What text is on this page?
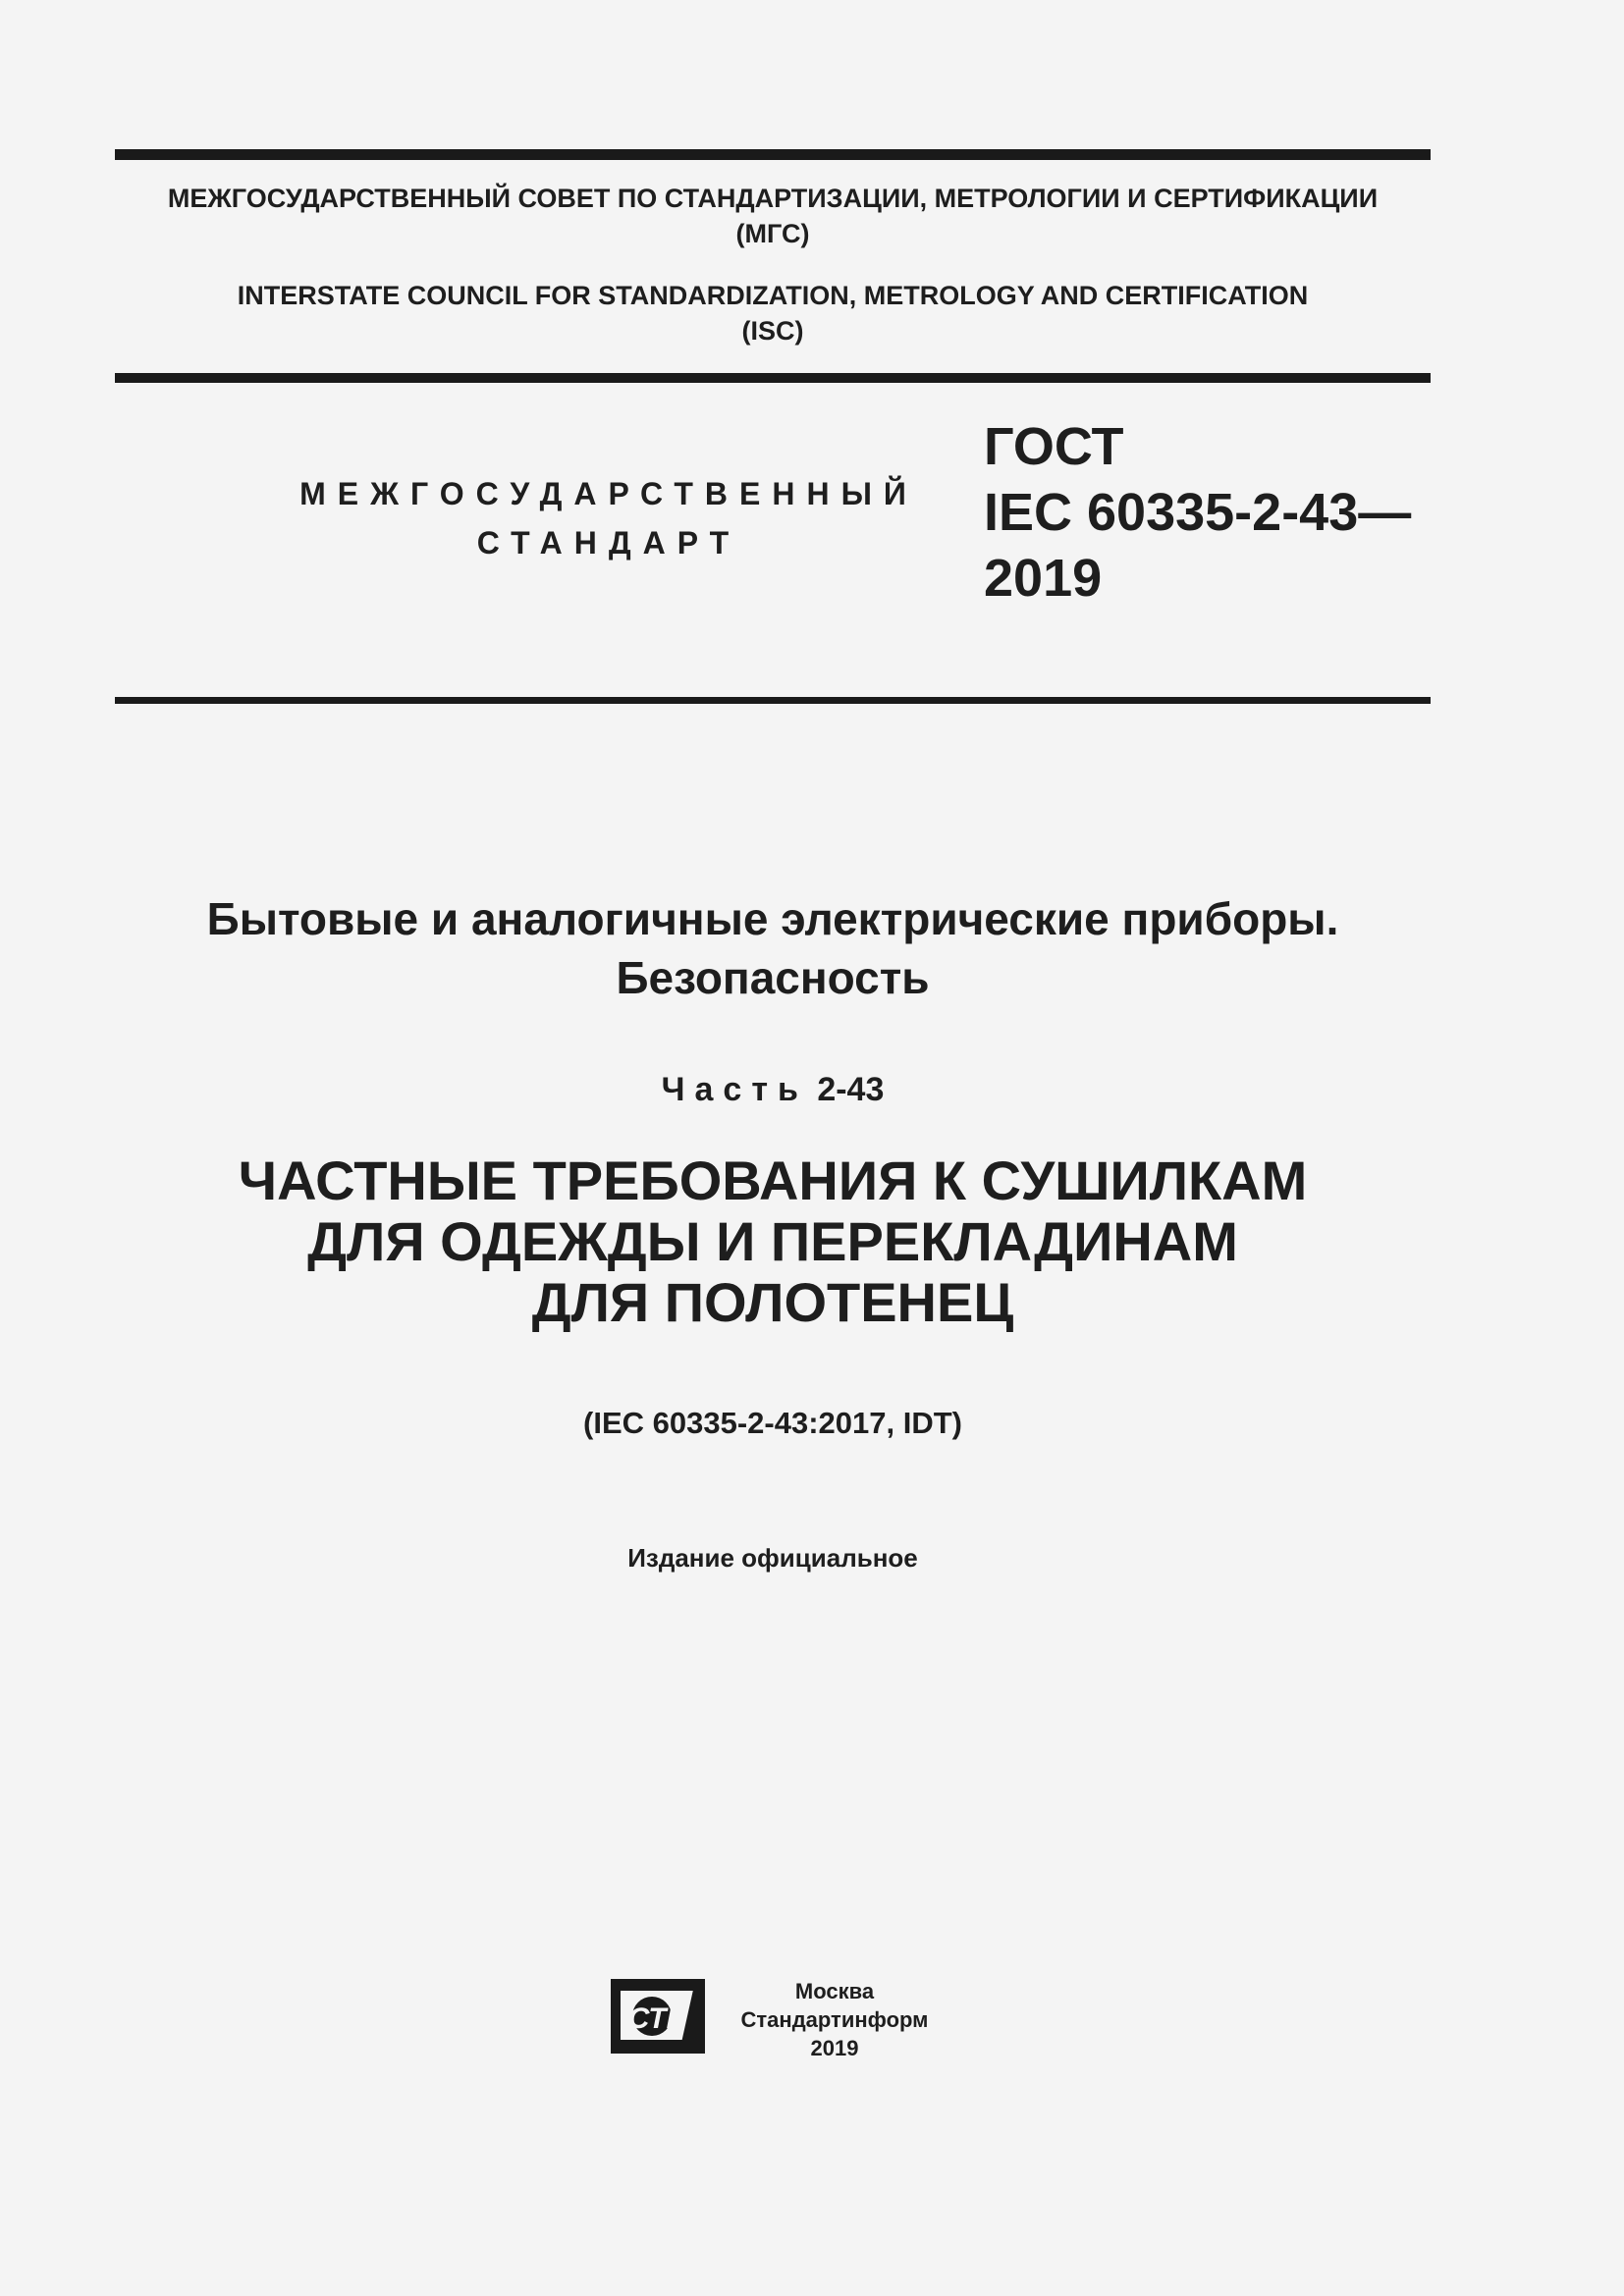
МЕЖГОСУДАРСТВЕННЫЙ СОВЕТ ПО СТАНДАРТИЗАЦИИ, МЕТРОЛОГИИ И СЕРТИФИКАЦИИ
(МГС)
INTERSTATE COUNCIL FOR STANDARDIZATION, METROLOGY AND CERTIFICATION
(ISC)
МЕЖГОСУДАРСТВЕННЫЙ
СТАНДАРТ
ГОСТ
IEC 60335-2-43—
2019
Бытовые и аналогичные электрические приборы.
Безопасность
Часть 2-43
ЧАСТНЫЕ ТРЕБОВАНИЯ К СУШИЛКАМ
ДЛЯ ОДЕЖДЫ И ПЕРЕКЛАДИНАМ
ДЛЯ ПОЛОТЕНЕЦ
(IEC 60335-2-43:2017, IDT)
Издание официальное
СТИ
Москва
Стандартинформ
2019
